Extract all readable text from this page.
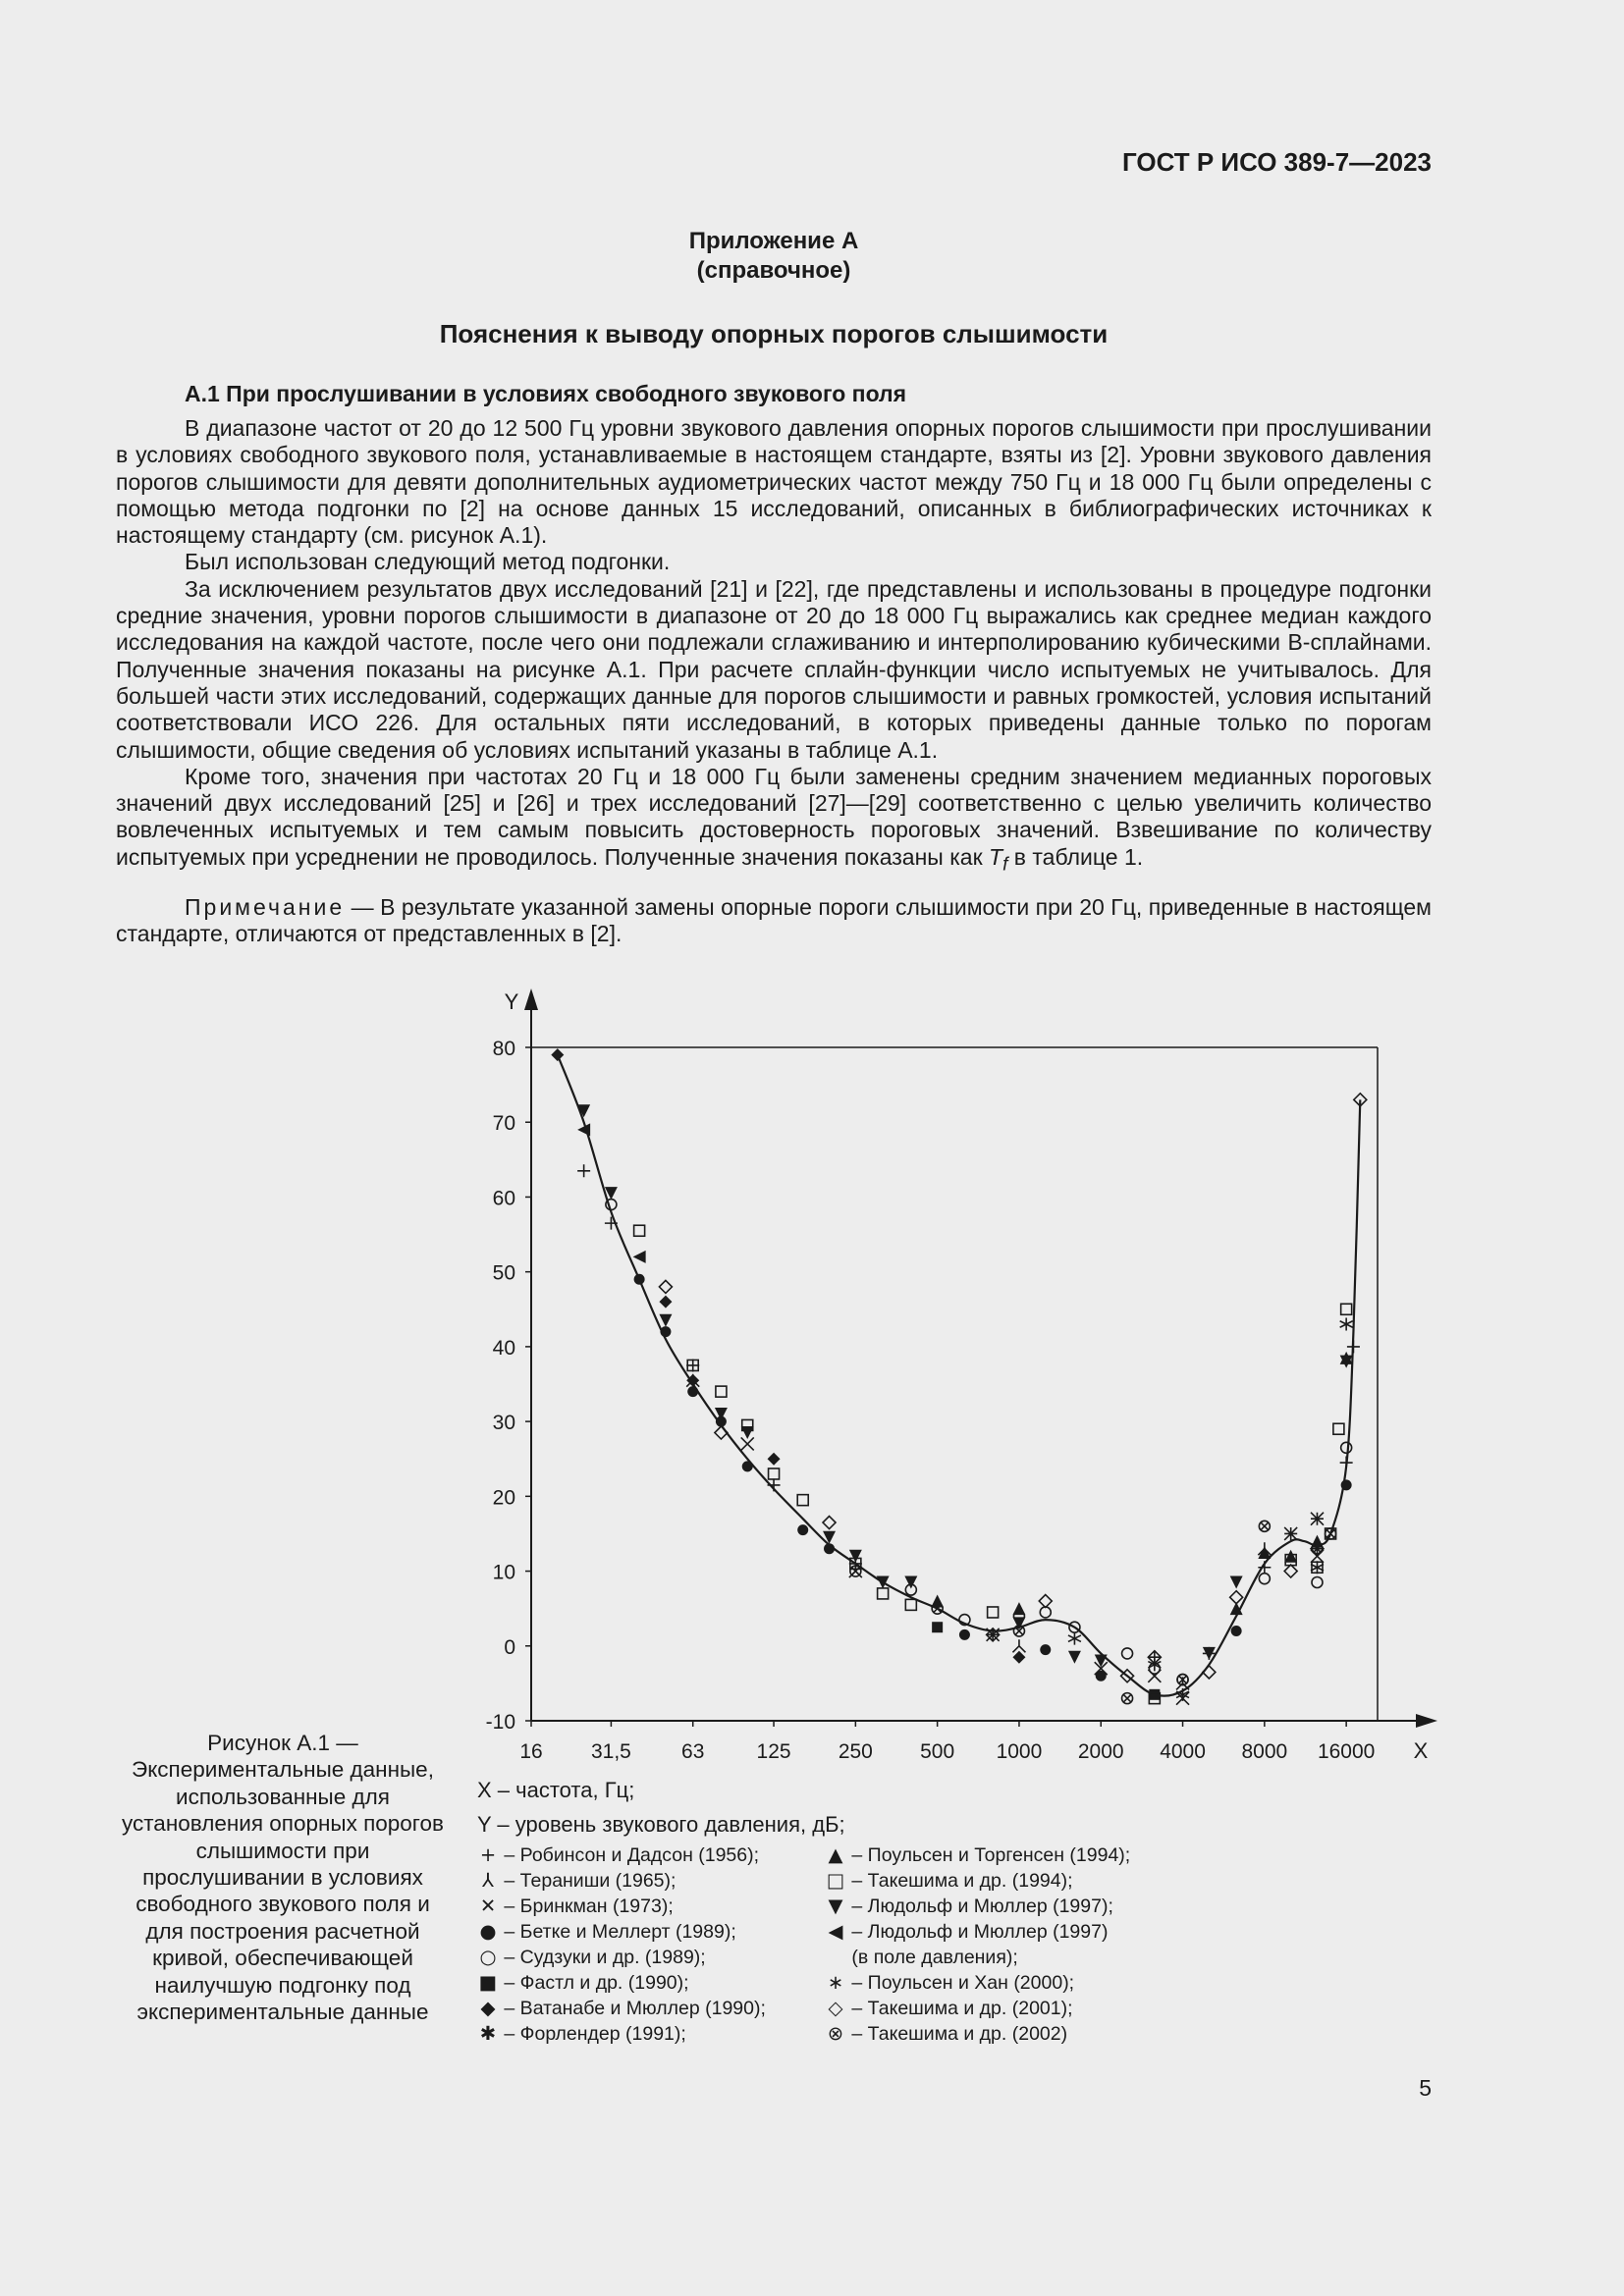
ГОСТ Р ИСО 389-7—2023
Приложение А
(справочное)
Пояснения к выводу опорных порогов слышимости
А.1 При прослушивании в условиях свободного звукового поля

В диапазоне частот от 20 до 12 500 Гц уровни звукового давления опорных порогов слышимости при прослушивании в условиях свободного звукового поля, устанавливаемые в настоящем стандарте, взяты из [2]. Уровни звукового давления порогов слышимости для девяти дополнительных аудиометрических частот между 750 Гц и 18 000 Гц были определены с помощью метода подгонки по [2] на основе данных 15 исследований, описанных в библиографических источниках к настоящему стандарту (см. рисунок А.1).

Был использован следующий метод подгонки.

За исключением результатов двух исследований [21] и [22], где представлены и использованы в процедуре подгонки средние значения, уровни порогов слышимости в диапазоне от 20 до 18 000 Гц выражались как среднее медиан каждого исследования на каждой частоте, после чего они подлежали сглаживанию и интерполированию кубическими В-сплайнами. Полученные значения показаны на рисунке А.1. При расчете сплайн-функции число испытуемых не учитывалось. Для большей части этих исследований, содержащих данные для порогов слышимости и равных громкостей, условия испытаний соответствовали ИСО 226. Для остальных пяти исследований, в которых приведены данные только по порогам слышимости, общие сведения об условиях испытаний указаны в таблице А.1.

Кроме того, значения при частотах 20 Гц и 18 000 Гц были заменены средним значением медианных пороговых значений двух исследований [25] и [26] и трех исследований [27]—[29] соответственно с целью увеличить количество вовлеченных испытуемых и тем самым повысить достоверность пороговых значений. Взвешивание по количеству испытуемых при усреднении не проводилось. Полученные значения показаны как $T_f$ в таблице 1.

Примечание — В результате указанной замены опорные пороги слышимости при 20 Гц, приведенные в настоящем стандарте, отличаются от представленных в [2].

X
Y
80
70
60
50
40
30
20
10
0
-10
16 31,5 63	125 250 500 1000 2000 4000 8000 16000
Рисунок А.1 — Экспериментальные данные, использованные для установления опорных порогов слышимости при прослушивании в условиях свободного звукового поля и для построения расчетной кривой, обеспечивающей наилучшую подгонку под экспериментальные данные
X – частота, Гц;
Y – уровень звукового давления, дБ;
+ – Робинсон и Дадсон (1956);
⅄ – Тераниши (1965);
✕ – Бринкман (1973);
● – Бетке и Меллерт (1989);
○ – Судзуки и др. (1989);
■ – Фастл и др. (1990);
◆ – Ватанабе и Мюллер (1990);
✱ – Форлендер (1991);
▲ – Поульсен и Торгенсен (1994);
□ – Такешима и др. (1994);
▼ – Людольф и Мюллер (1997);
◀ – Людольф и Мюллер (1997)
(в поле давления);
∗ – Поульсен и Хан (2000);
◇ – Такешима и др. (2001);
⊗ – Такешима и др. (2002)
5
